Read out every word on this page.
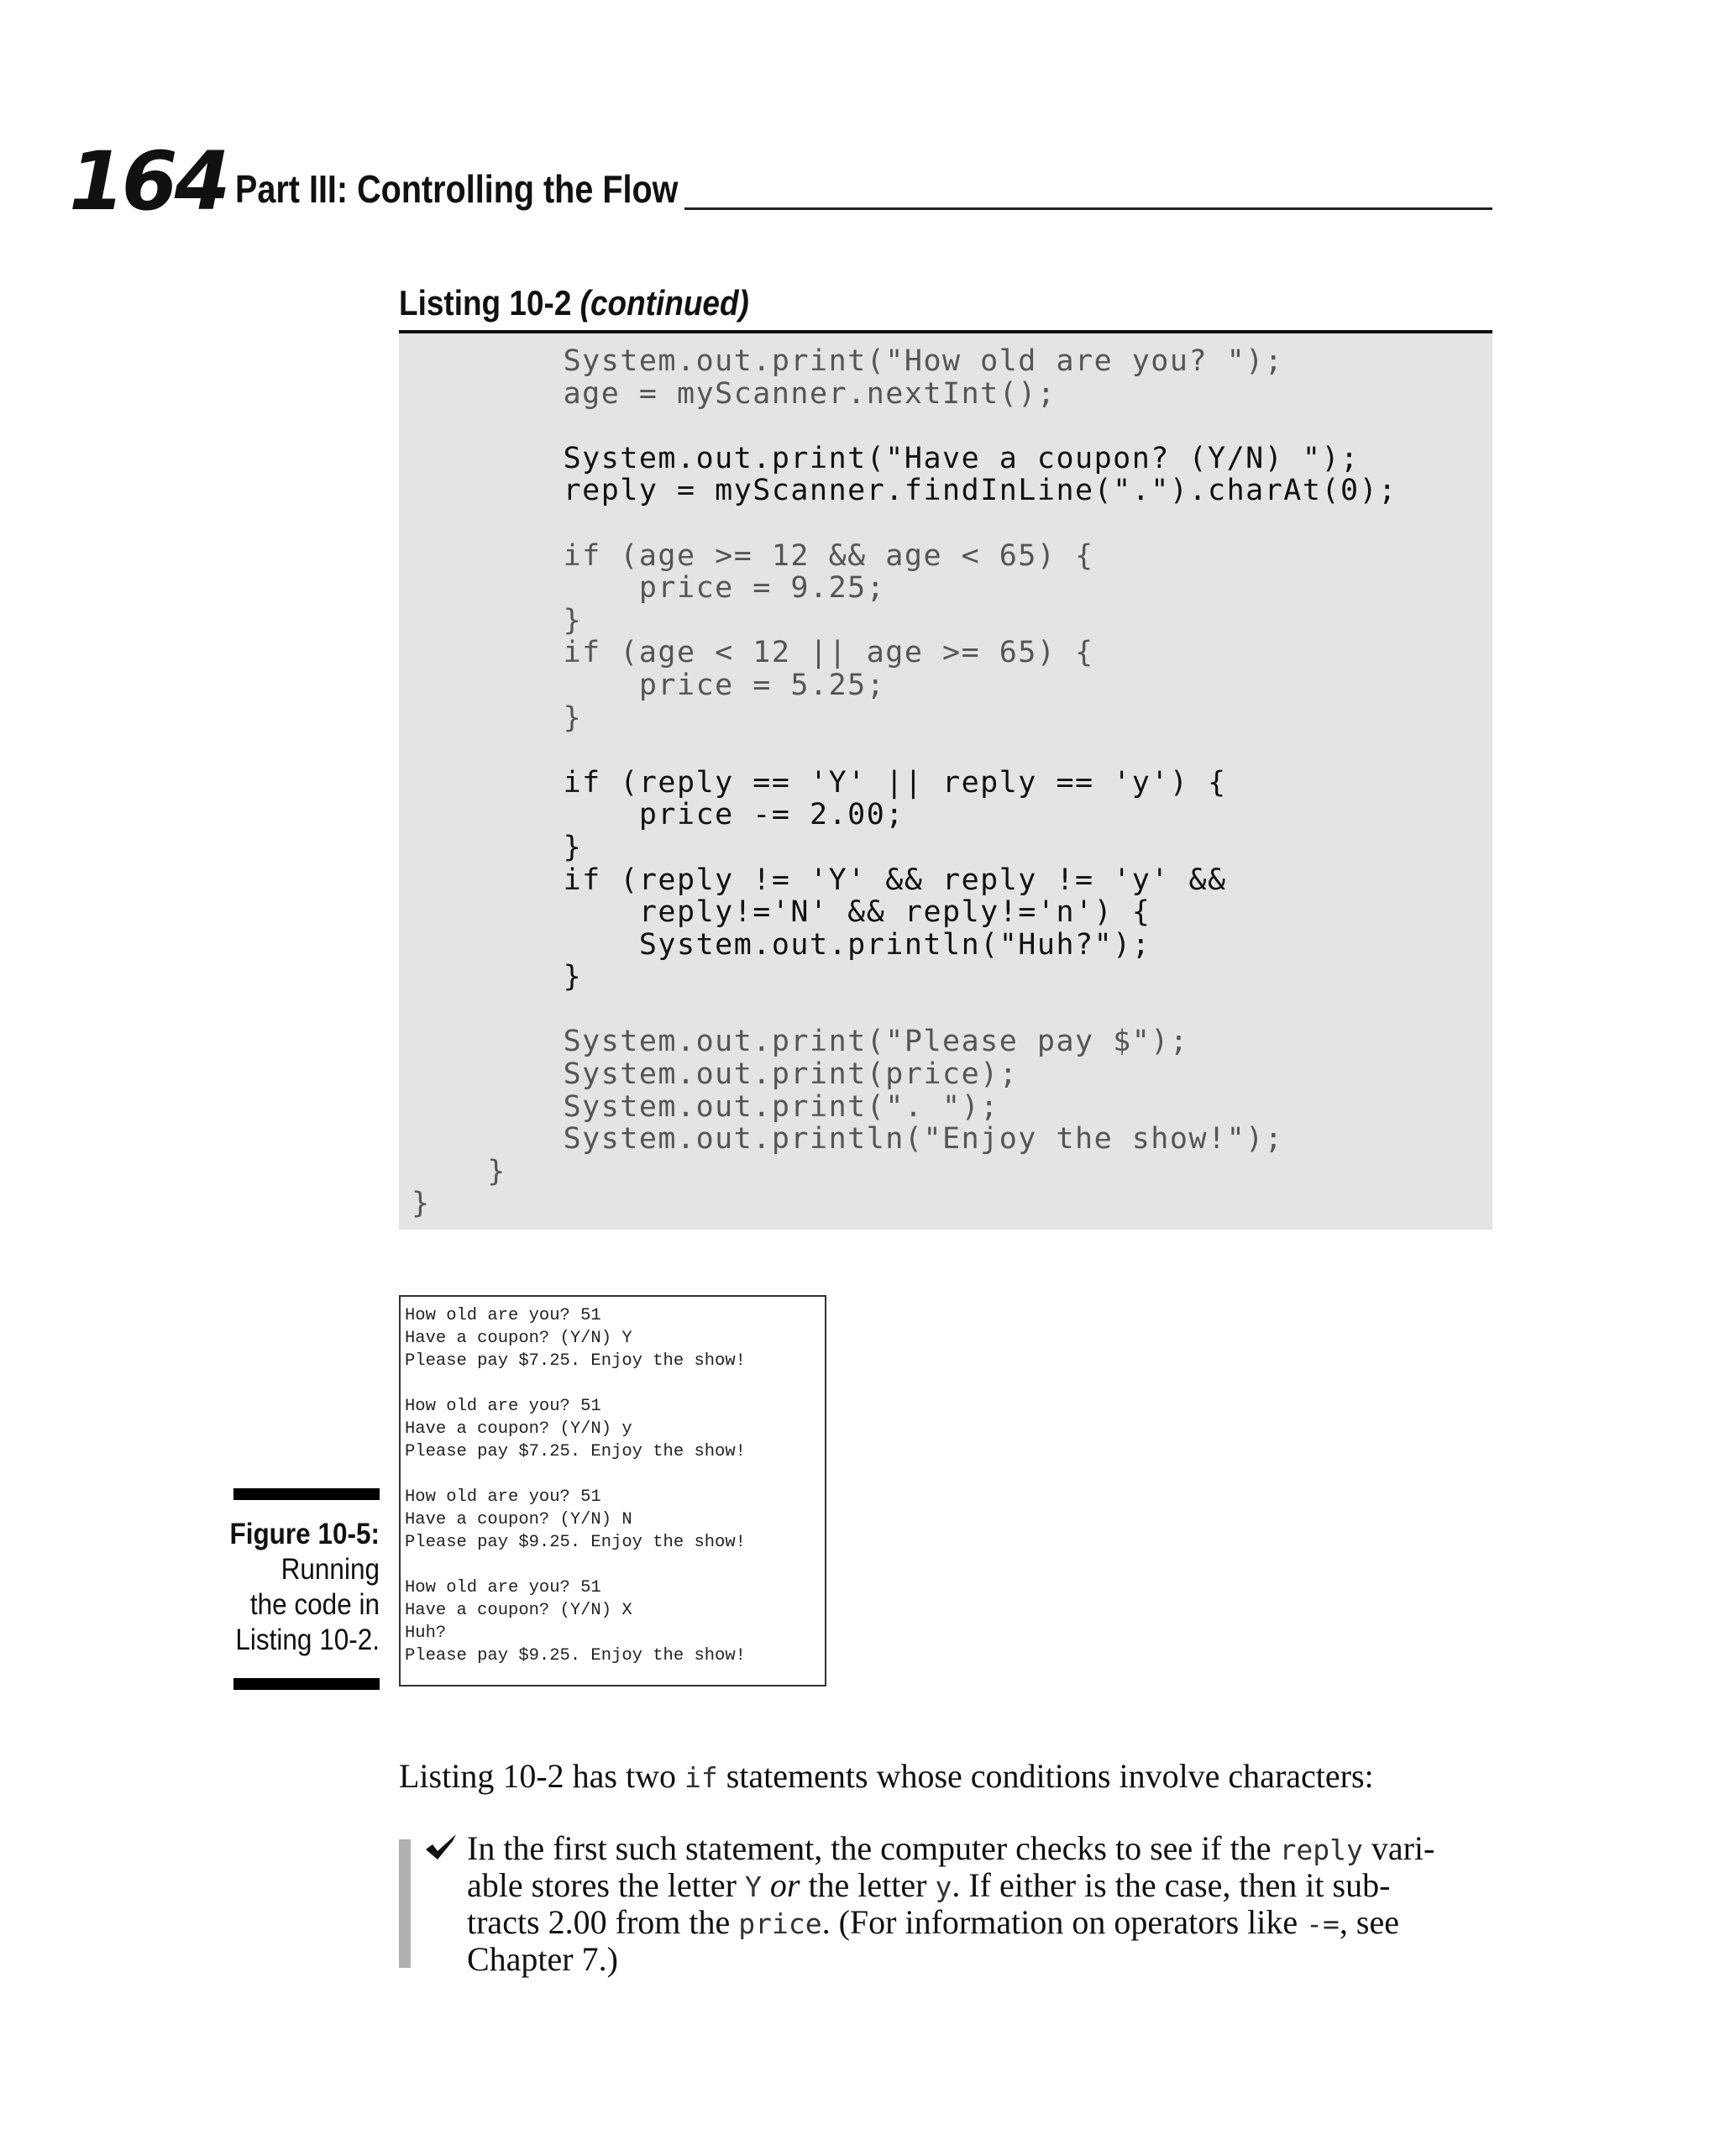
164 Part III: Controlling the Flow
Listing 10-2 (continued)
System.out.print("How old are you? ");
age = myScanner.nextInt();
System.out.print("Have a coupon? (Y/N) ");
reply = myScanner.findInLine(".").charAt(0);
if (age >= 12 && age < 65) {
price = 9.25;
}
if (age < 12 || age >= 65) {
price = 5.25;
}
if (reply == 'Y' || reply == 'y') {
price -= 2.00;
}
if (reply != 'Y' && reply != 'y' &&
reply!='N' && reply!='n') {
System.out.println("Huh?");
}
System.out.print("Please pay $");
System.out.print(price);
System.out.print(". ");
System.out.println("Enjoy the show!");
}
}
How old are you? 51
Have a coupon? (Y/N) Y
Please pay $7.25. Enjoy the show!
How old are you? 51
Have a coupon? (Y/N) y
Please pay $7.25. Enjoy the show!
How old are you? 51
Have a coupon? (Y/N) N
Please pay $9.25. Enjoy the show!
How old are you? 51
Have a coupon? (Y/N) X
Huh?
Please pay $9.25. Enjoy the show!
Figure 10-5:
Running
the code in
Listing 10-2.
Listing 10-2 has two if statements whose conditions involve characters:
In the first such statement, the computer checks to see if the reply vari-
able stores the letter Y or the letter y. If either is the case, then it sub-
tracts 2.00 from the price. (For information on operators like -=, see
Chapter 7.)
